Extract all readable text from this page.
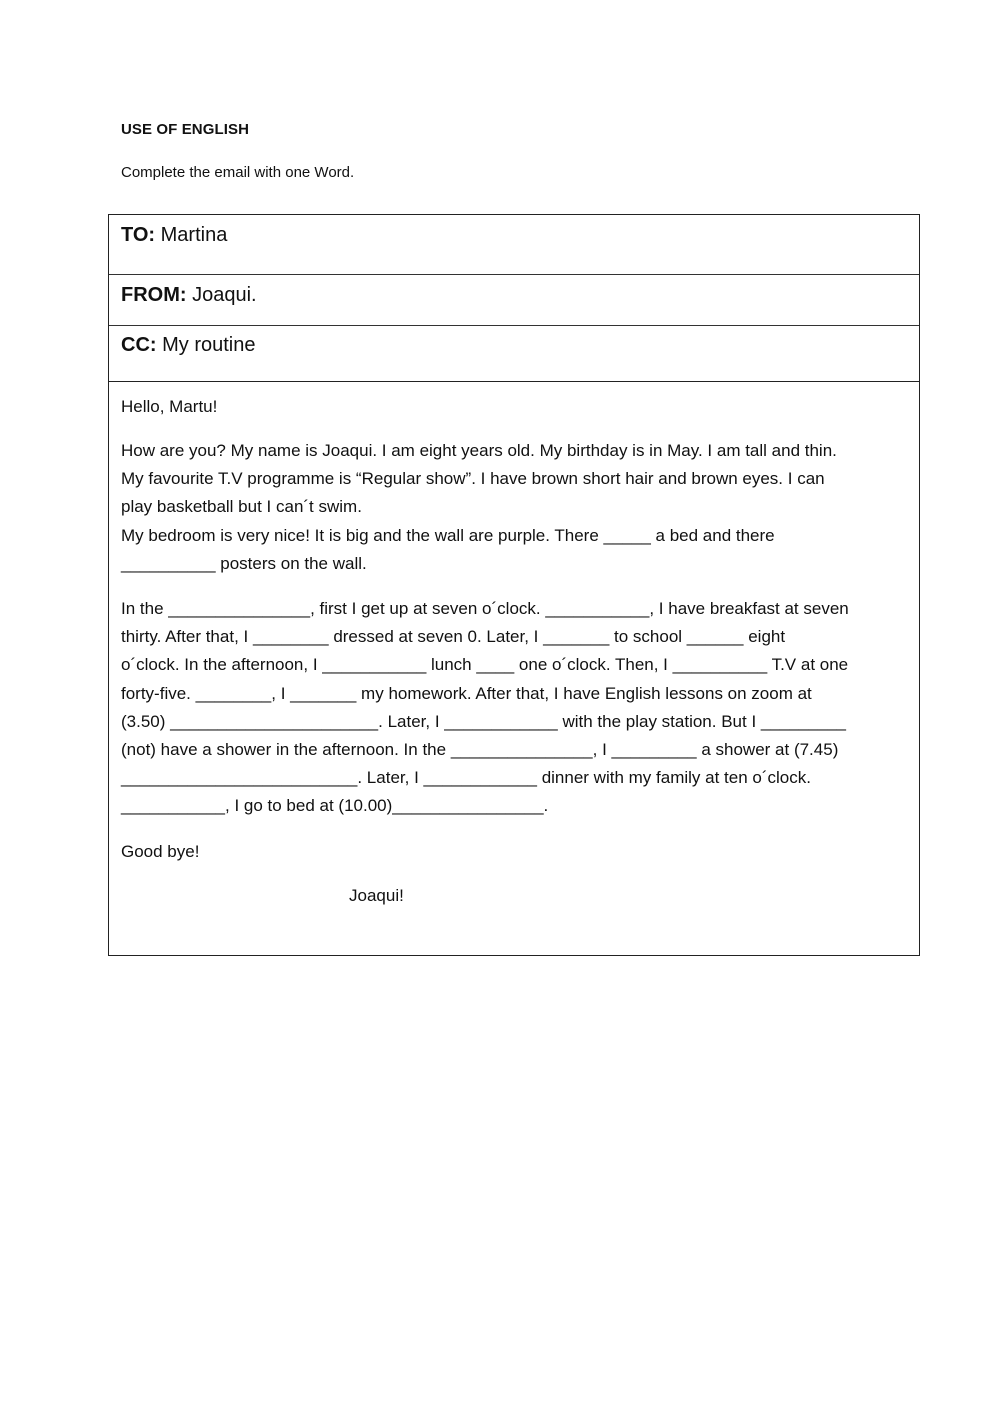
USE OF ENGLISH
Complete the email with one Word.
TO: Martina
FROM: Joaqui.
CC: My routine
Hello, Martu!

How are you? My name is Joaqui. I am eight years old. My birthday is in May. I am tall and thin.

My favourite T.V programme is “Regular show”. I have brown short hair and brown eyes. I can

play basketball but I can´t swim.

My bedroom is very nice! It is big and the wall are purple. There _____ a bed and there

__________ posters on the wall.

In the _______________, first I get up at seven o´clock. ___________, I have breakfast at seven

thirty. After that, I ________ dressed at seven 0. Later, I _______ to school ______ eight

o´clock. In the afternoon, I ___________ lunch ____ one o´clock. Then, I __________ T.V at one

forty-five. ________, I _______ my homework. After that, I have English lessons on zoom at

(3.50) ______________________. Later, I ____________ with the play station. But I _________

(not) have a shower in the afternoon. In the _______________, I _________ a shower at (7.45)

_________________________. Later, I ____________ dinner with my family at ten o´clock.

___________, I go to bed at (10.00)________________.

Good bye!
Joaqui!
